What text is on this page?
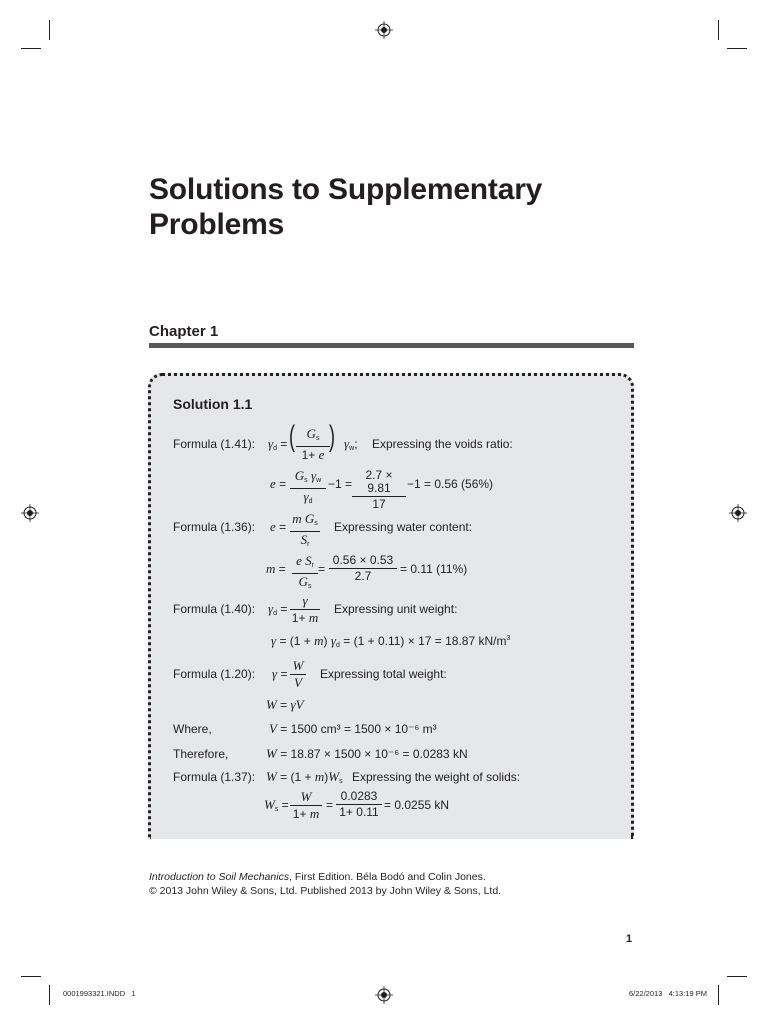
Solutions to Supplementary Problems
Chapter 1
Solution 1.1
Formula (1.41): $\gamma_d$ = ( $\frac{G_s}{1+ e}$ ) $\gamma_w$; Expressing the voids ratio:
$e = \frac{G_s \gamma_w}{\gamma_d} -1 = \frac{2.7 \times 9.81}{17} -1 = 0.56$ (56%)
Formula (1.36): $e = \frac{m G_s}{S_r}$ Expressing water content:
$m = \frac{e S_r}{G_s} = \frac{0.56 \times 0.53}{2.7} = 0.11$ (11%)
Formula (1.40): $\gamma_d = \frac{\gamma}{1+ m}$ Expressing unit weight:
γ = (1 + m) $\gamma_d = (1 + 0.11) \times 17 = 18.87$ $kN/m^3$
Formula (1.20): $\gamma = \frac{W}{V}$ Expressing total weight:
W = γV
Where,	V = 1500 cm³ = 1500 × 10⁻⁶ m³
Therefore,	W = 18.87 × 1500 × 10⁻⁶ = 0.0283 kN
Formula (1.37): $W = (1 + m)W_s$ Expressing the weight of solids:
$W_s = \frac{W}{1+ m} = \frac{0.0283}{1+ 0.11} = 0.0255$ kN
Introduction to Soil Mechanics, First Edition. Béla Bodó and Colin Jones.
© 2013 John Wiley & Sons, Ltd. Published 2013 by John Wiley & Sons, Ltd.
1
0001993321.INDD   1	6/22/2013   4:13:19 PM
